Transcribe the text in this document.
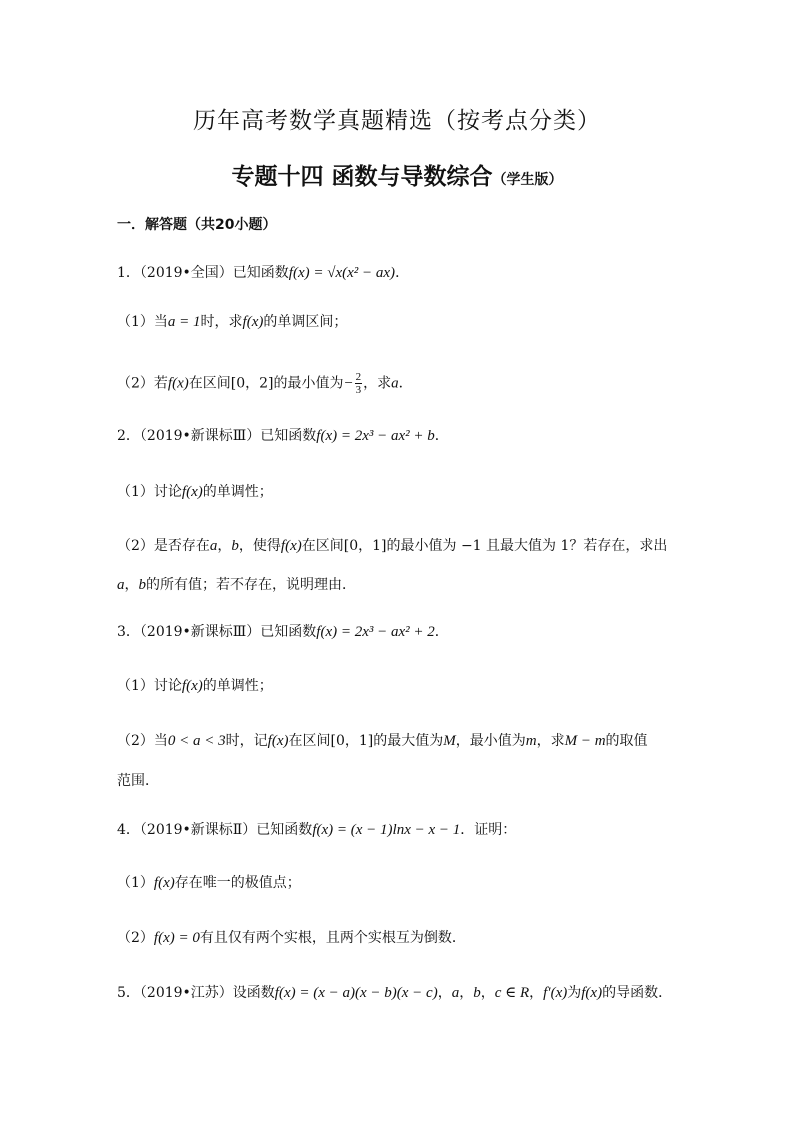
历年高考数学真题精选（按考点分类）
专题十四 函数与导数综合（学生版）
一．解答题（共20小题）
1．（2019•全国）已知函数f(x) = √x(x² − ax)．
（1）当a = 1时，求f(x)的单调区间；
（2）若f(x)在区间[0，2]的最小值为− $\frac{2}{3}$ ，求a．
2．（2019•新课标Ⅲ）已知函数f(x) = 2x³ − ax² + b．
（1）讨论f(x)的单调性；
（2）是否存在a，b，使得f(x)在区间[0，1]的最小值为 −1 且最大值为 1？若存在，求出
a，b的所有值；若不存在，说明理由．
3．（2019•新课标Ⅲ）已知函数f(x) = 2x³ − ax² + 2．
（1）讨论f(x)的单调性；
（2）当0 < a < 3时，记f(x)在区间[0，1]的最大值为M，最小值为m，求M − m的取值
范围．
4．（2019•新课标Ⅱ）已知函数f(x) = (x − 1)lnx − x − 1．证明：
（1）f(x)存在唯一的极值点；
（2）f(x) = 0有且仅有两个实根，且两个实根互为倒数．
5．（2019•江苏）设函数f(x) = (x − a)(x − b)(x − c)，a，b，c ∈ R，f′(x)为f(x)的导函数．
